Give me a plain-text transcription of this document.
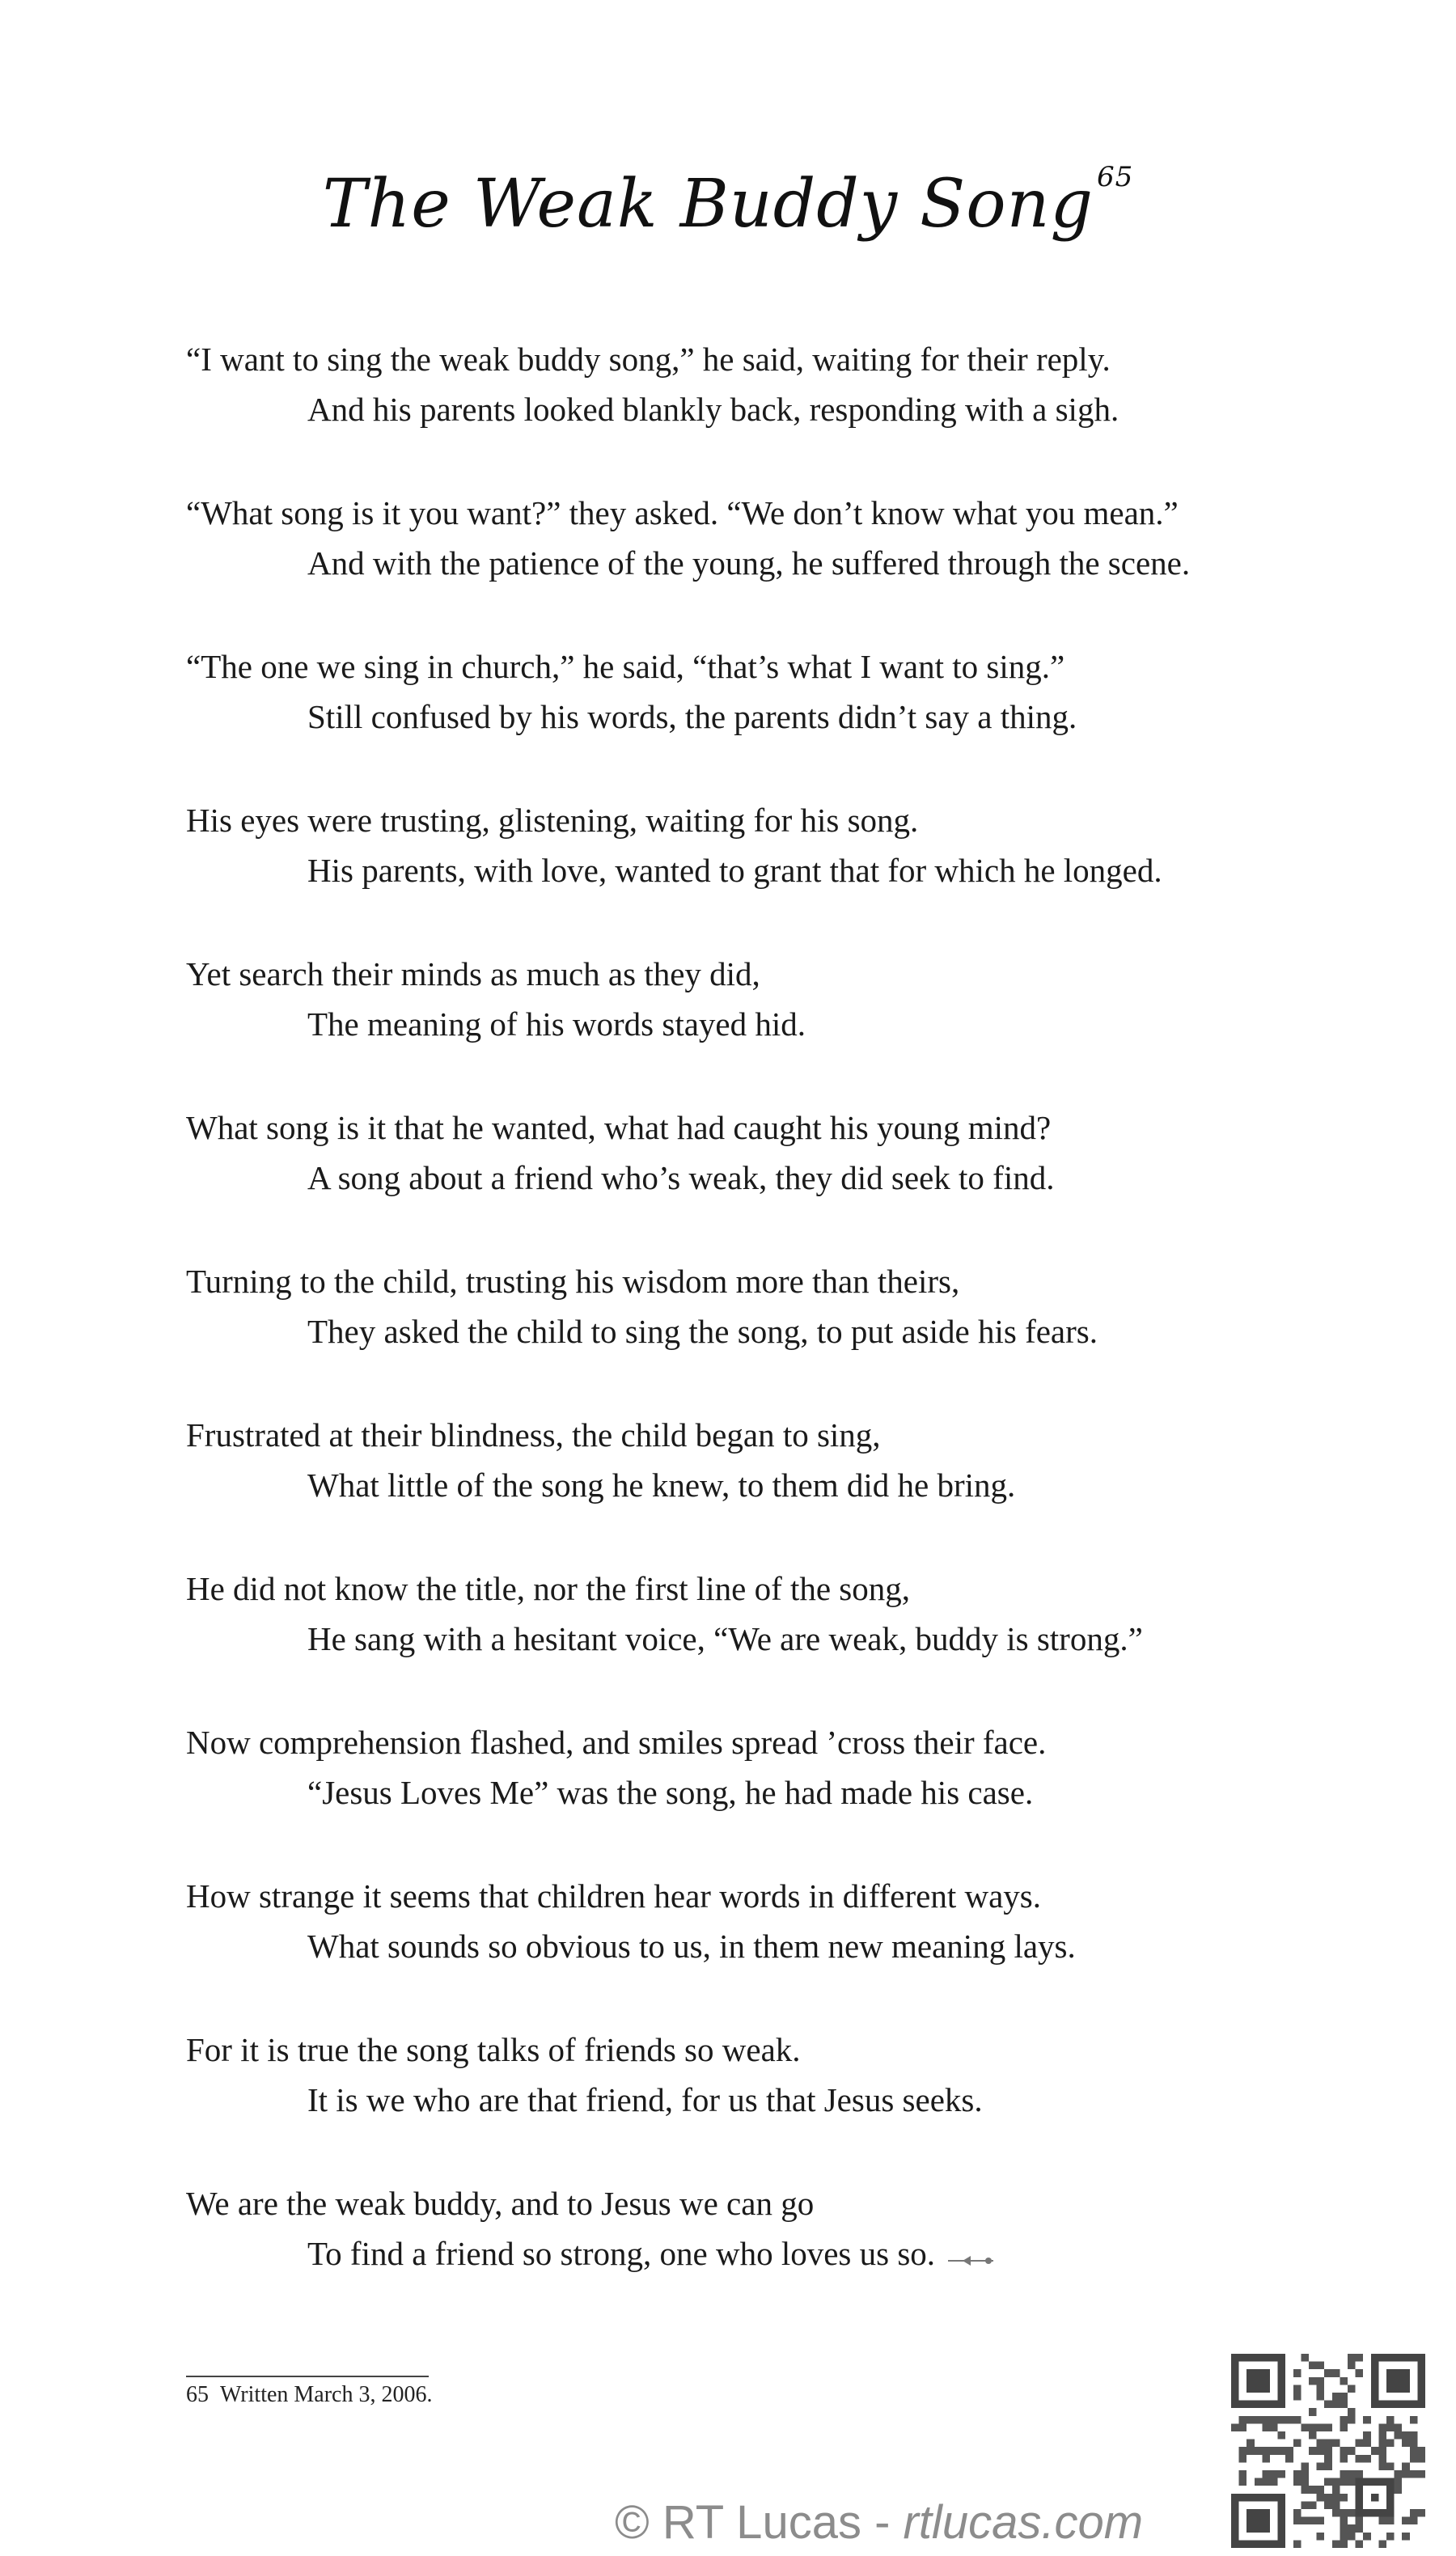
The Weak Buddy Song $^{65}$
“I want to sing the weak buddy song,” he said, waiting for their reply.
And his parents looked blankly back, responding with a sigh.
“What song is it you want?” they asked. “We don’t know what you mean.”
And with the patience of the young, he suffered through the scene.
“The one we sing in church,” he said, “that’s what I want to sing.”
Still confused by his words, the parents didn’t say a thing.
His eyes were trusting, glistening, waiting for his song.
His parents, with love, wanted to grant that for which he longed.
Yet search their minds as much as they did,
The meaning of his words stayed hid.
What song is it that he wanted, what had caught his young mind?
A song about a friend who’s weak, they did seek to find.
Turning to the child, trusting his wisdom more than theirs,
They asked the child to sing the song, to put aside his fears.
Frustrated at their blindness, the child began to sing,
What little of the song he knew, to them did he bring.
He did not know the title, nor the first line of the song,
He sang with a hesitant voice, “We are weak, buddy is strong.”
Now comprehension flashed, and smiles spread ’cross their face.
“Jesus Loves Me” was the song, he had made his case.
How strange it seems that children hear words in different ways.
What sounds so obvious to us, in them new meaning lays.
For it is true the song talks of friends so weak.
It is we who are that friend, for us that Jesus seeks.
We are the weak buddy, and to Jesus we can go
To find a friend so strong, one who loves us so.
65 Written March 3, 2006.
© RT Lucas - rtlucas.com
